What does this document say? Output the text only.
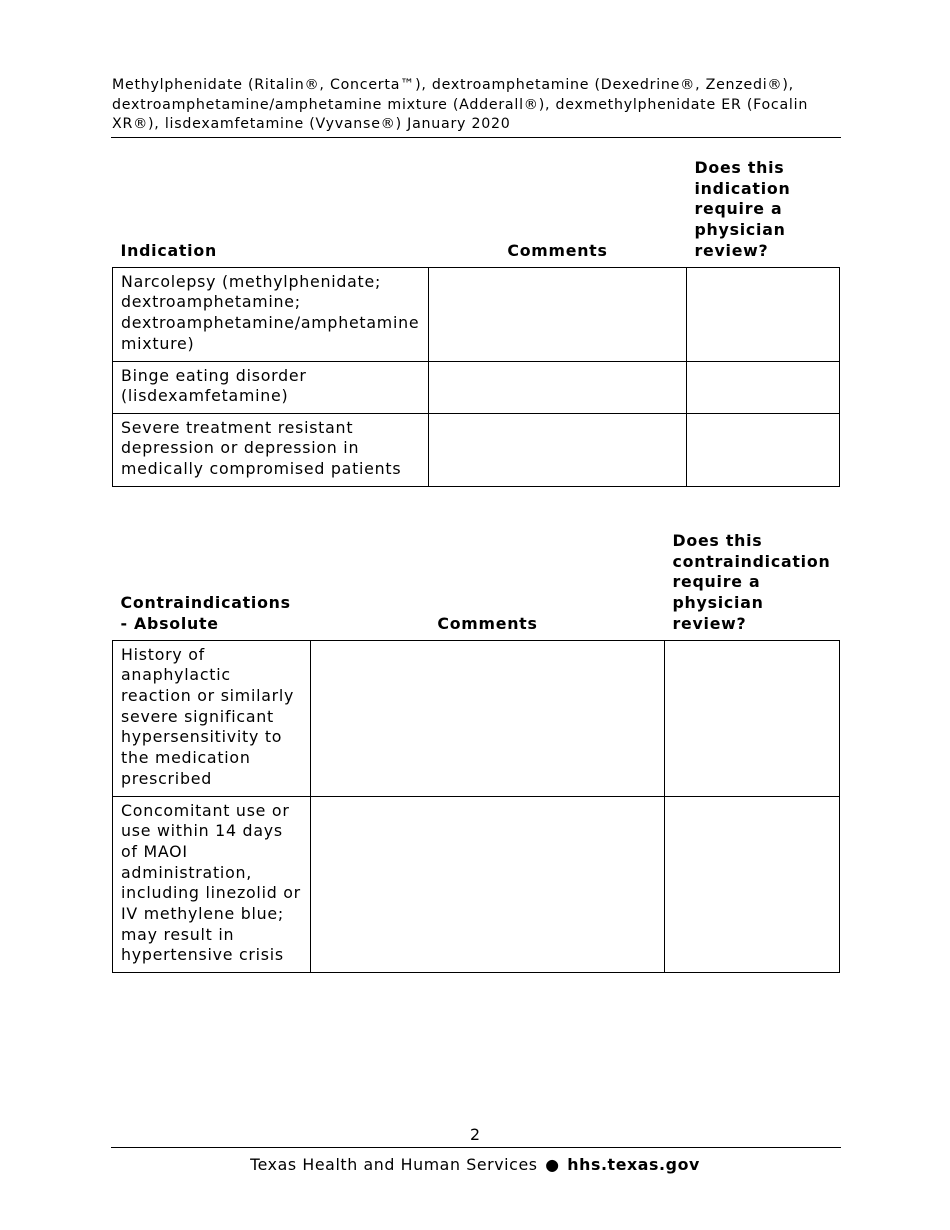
Methylphenidate (Ritalin®, Concerta™), dextroamphetamine (Dexedrine®, Zenzedi®), dextroamphetamine/amphetamine mixture (Adderall®), dexmethylphenidate ER (Focalin XR®), lisdexamfetamine (Vyvanse®) January 2020
Indication	Comments	Does this indication require a physician review?
Narcolepsy (methylphenidate; dextroamphetamine; dextroamphetamine/amphetamine mixture)		
Binge eating disorder (lisdexamfetamine)		
Severe treatment resistant depression or depression in medically compromised patients		
Contraindications - Absolute	Comments	Does this contraindication require a physician review?
History of anaphylactic reaction or similarly severe significant hypersensitivity to the medication prescribed		
Concomitant use or use within 14 days of MAOI administration, including linezolid or IV methylene blue; may result in hypertensive crisis		
2
Texas Health and Human Services ● hhs.texas.gov
